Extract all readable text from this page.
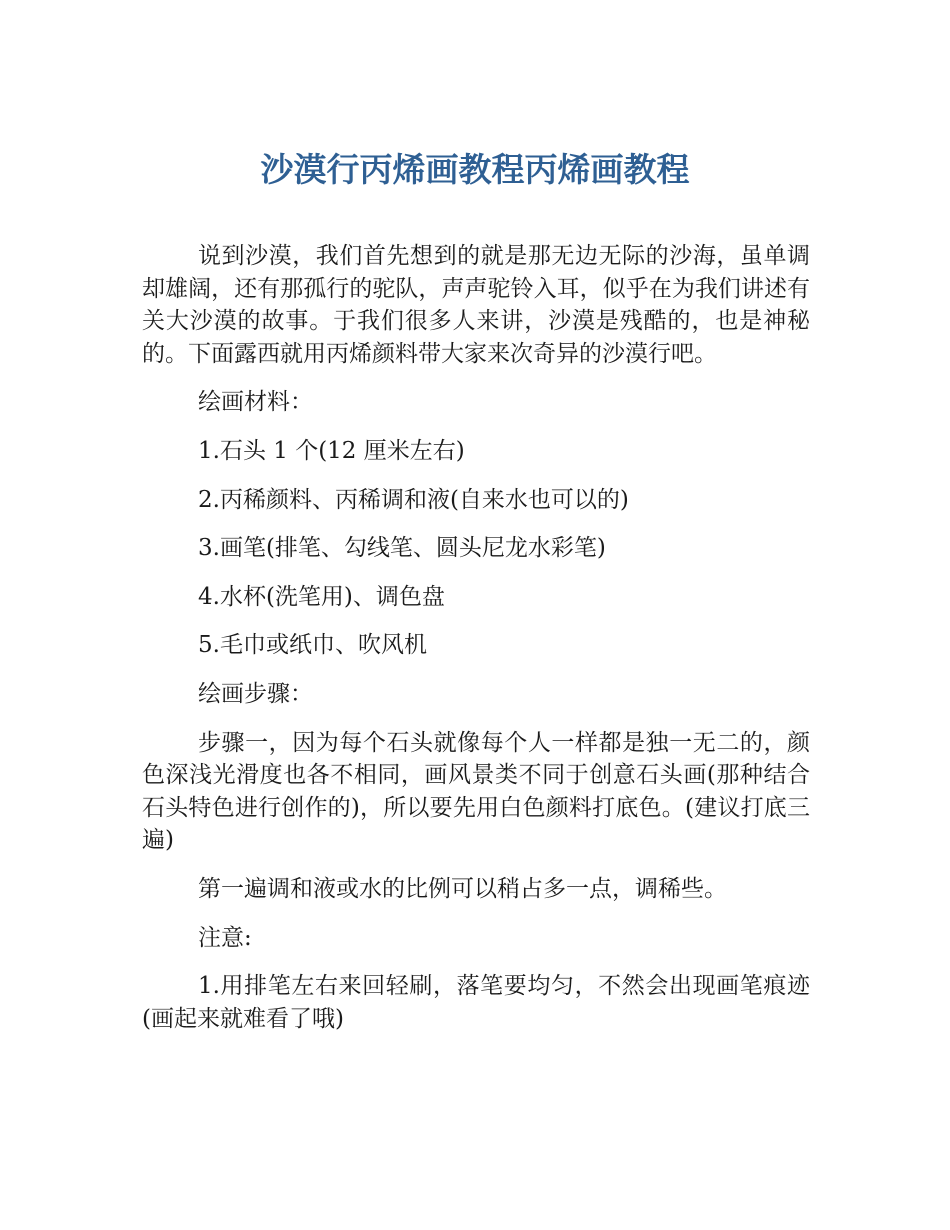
沙漠行丙烯画教程丙烯画教程

说到沙漠，我们首先想到的就是那无边无际的沙海，虽单调却雄阔，还有那孤行的驼队，声声驼铃入耳，似乎在为我们讲述有关大沙漠的故事。于我们很多人来讲，沙漠是残酷的，也是神秘的。下面露西就用丙烯颜料带大家来次奇异的沙漠行吧。

绘画材料：

1.石头 1 个(12 厘米左右)

2.丙稀颜料、丙稀调和液(自来水也可以的)

3.画笔(排笔、勾线笔、圆头尼龙水彩笔)

4.水杯(洗笔用)、调色盘

5.毛巾或纸巾、吹风机

绘画步骤：

步骤一，因为每个石头就像每个人一样都是独一无二的，颜色深浅光滑度也各不相同，画风景类不同于创意石头画(那种结合石头特色进行创作的)，所以要先用白色颜料打底色。(建议打底三遍)

第一遍调和液或水的比例可以稍占多一点，调稀些。

注意:

1.用排笔左右来回轻刷，落笔要均匀，不然会出现画笔痕迹(画起来就难看了哦)
